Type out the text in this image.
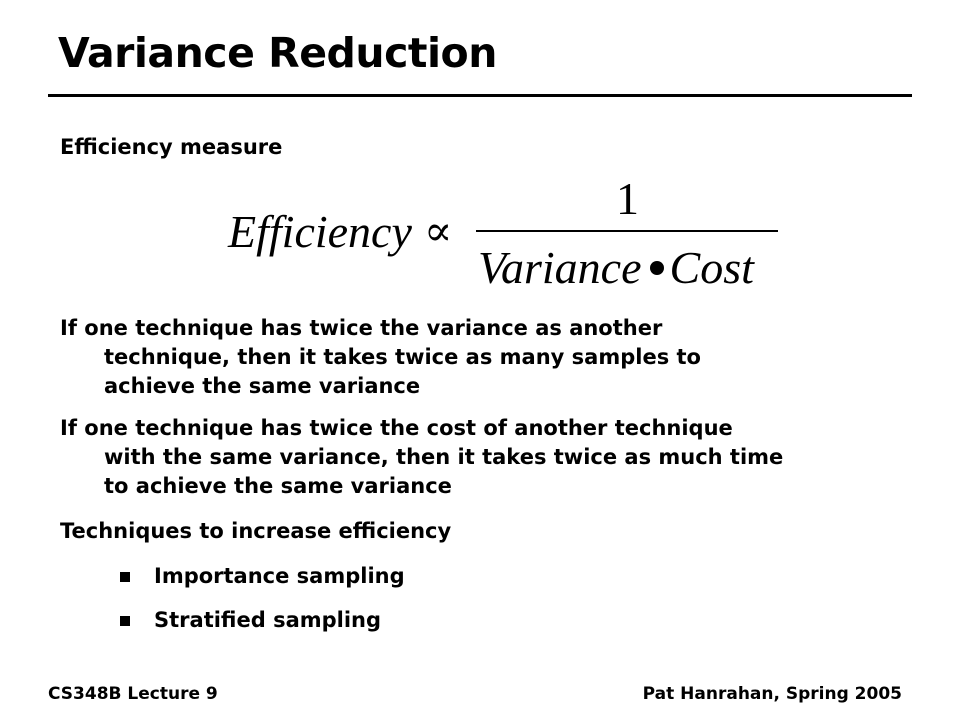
Variance Reduction
Efficiency measure
Efficiency ∝
1
Variance Cost
If one technique has twice the variance as another
technique, then it takes twice as many samples to
achieve the same variance
If one technique has twice the cost of another technique
with the same variance, then it takes twice as much time
to achieve the same variance
Techniques to increase efficiency
Importance sampling
Stratified sampling
CS348B Lecture 9	Pat Hanrahan, Spring 2005
